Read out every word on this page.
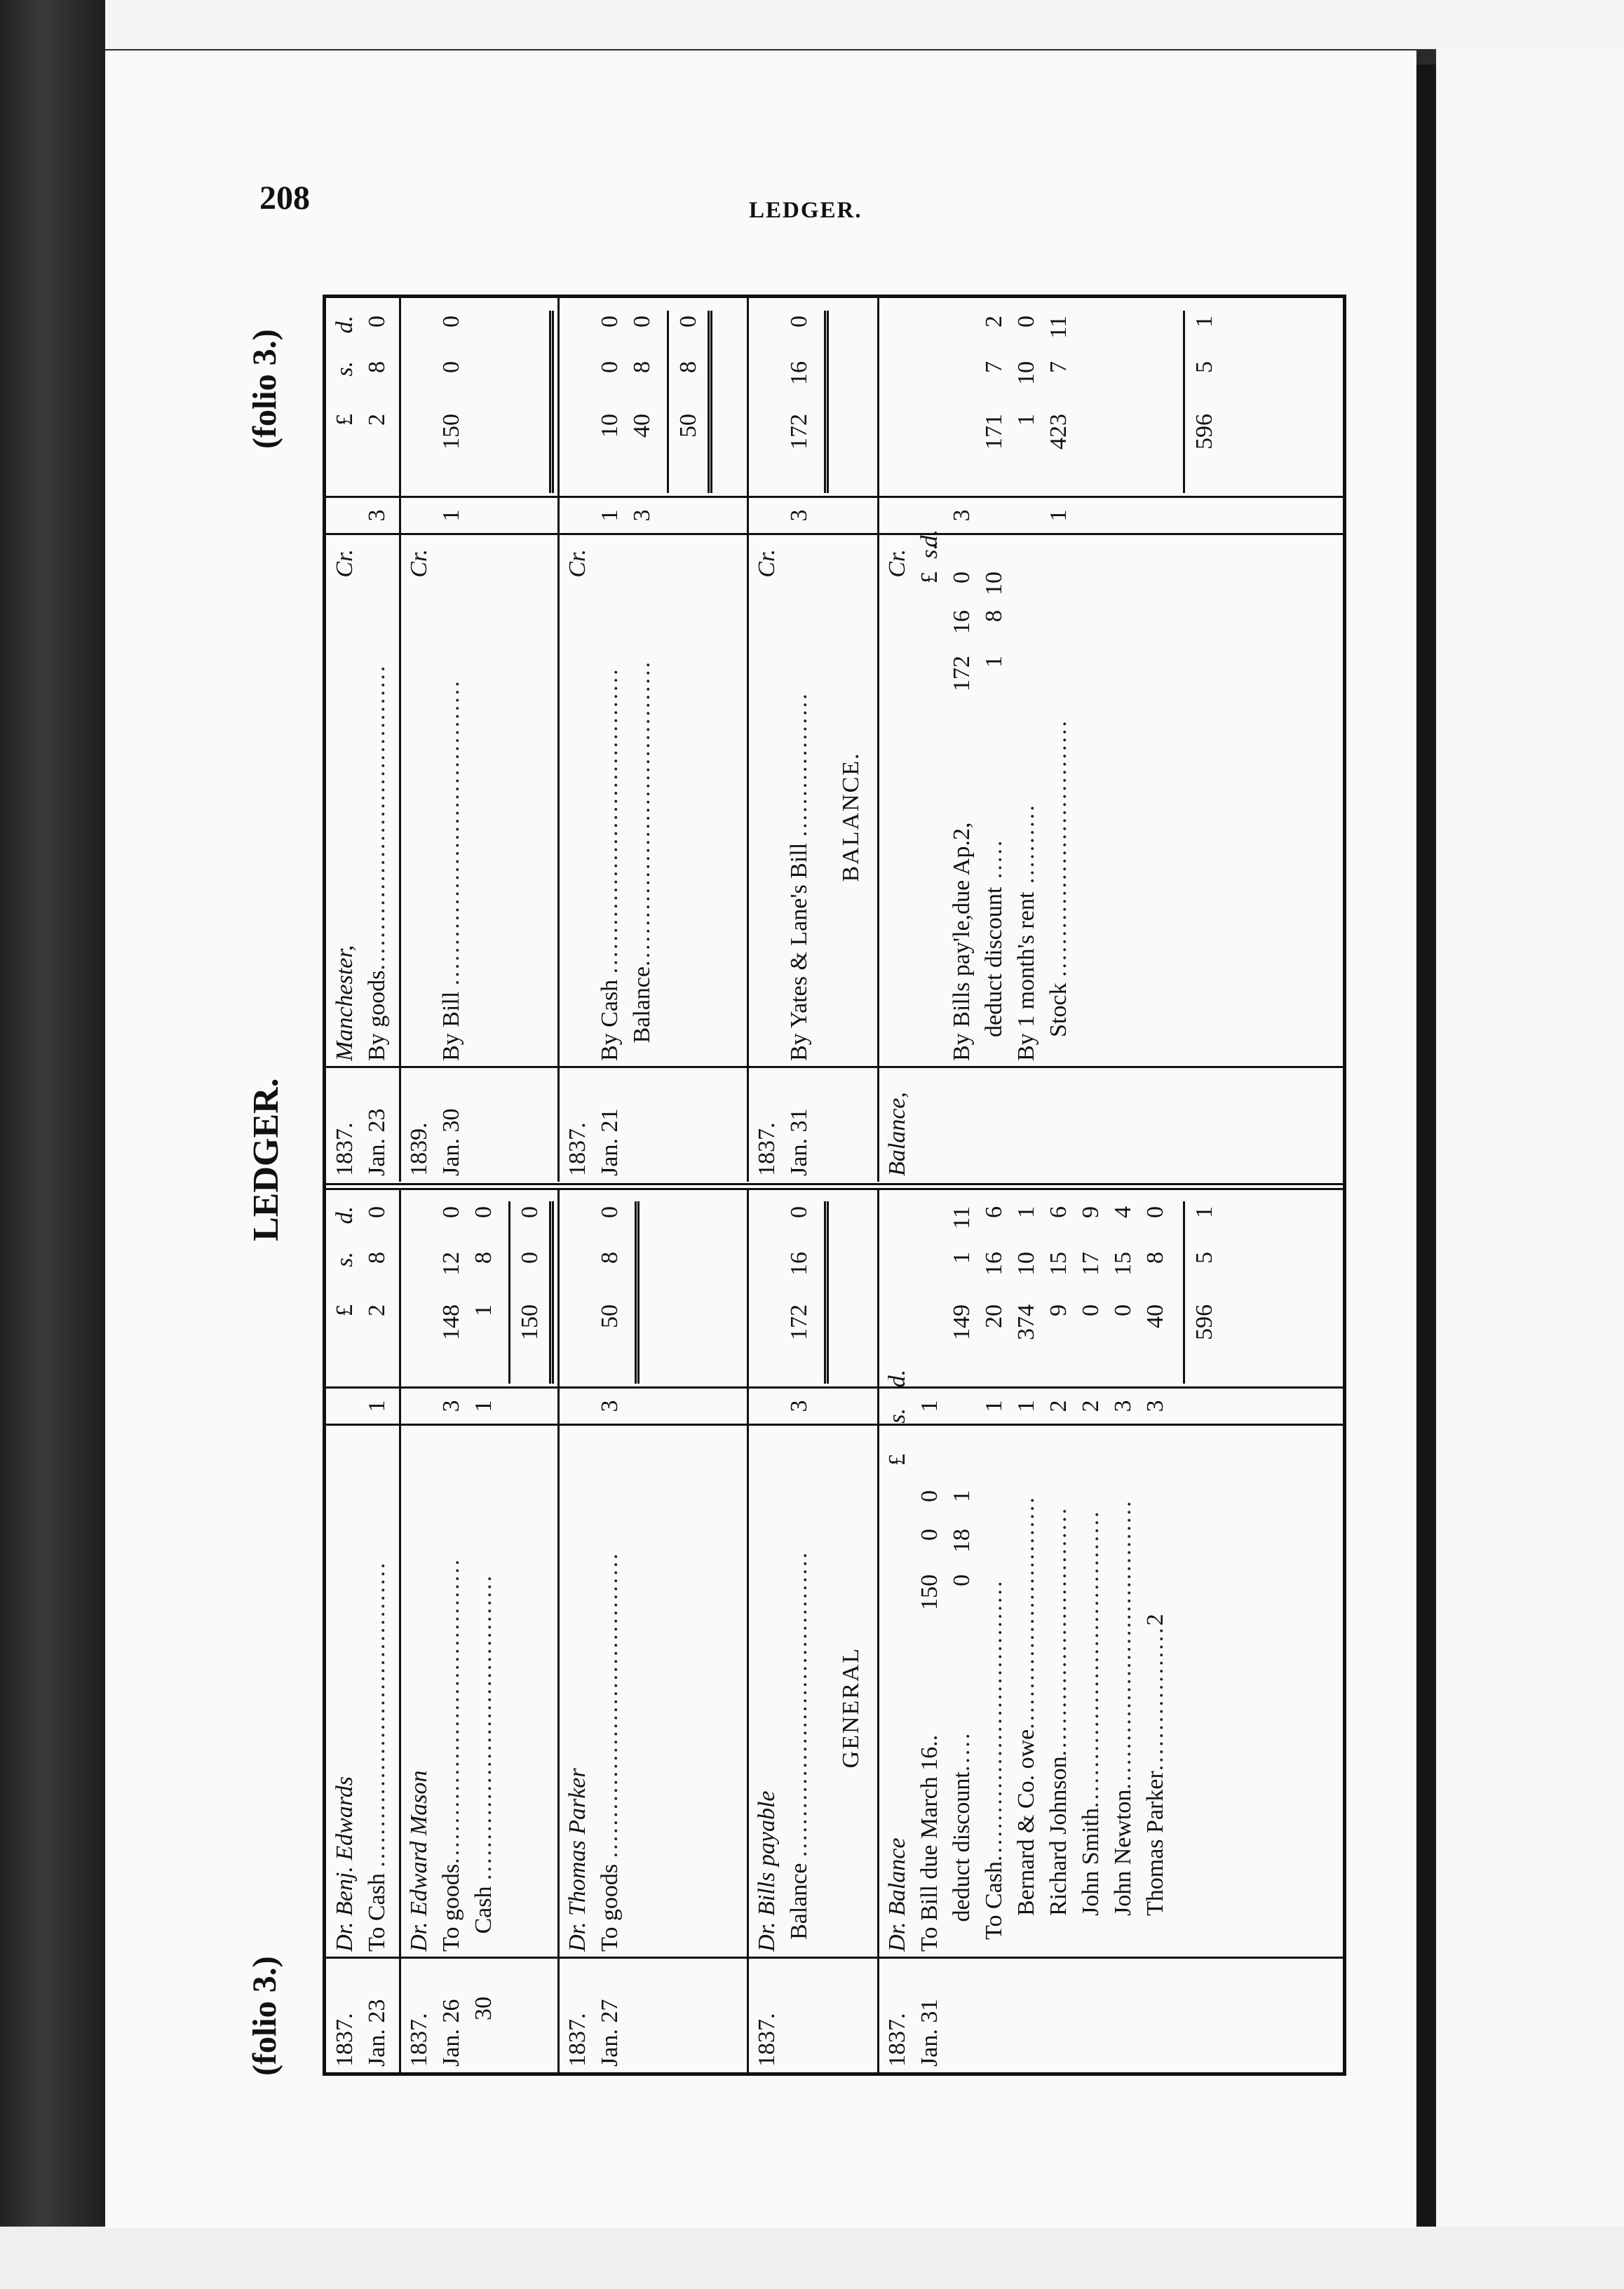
208	LEDGER.
(folio 3.)
LEDGER.
(folio 3.)
£
s.
d.
1837.
Dr. Benj. Edwards
Jan. 23
To Cash ......................................
1
2
8
0
1837.
Dr. Edward Mason
Jan. 26
To goods......................................
3
148
12
0
30
Cash ......................................
1
1
8
0
150
0
0
1837.
Dr. Thomas Parker
Jan. 27
To goods ......................................
3
50
8
0
1837.
Dr. Bills payable Balance ......................................
3
172
16
0
GENERAL
1837.
Dr. Balance
£
s.
d.
Jan. 31
To Bill due March 16..
150
0
0
1
deduct discount.....
0
18
1
149
1
11
To Cash...................................
1
20
16
6
Bernard & Co. owe.............................
1
374
10
1
Richard Johnson...............................
2
9
15
6
John Smith.....................................
2
0
17
9
John Newton....................................
3
0
15
4
Thomas Parker..................2
3
40
8
0
596
5
1
£
s.
d.
1837.
Manchester,
Cr.
Jan. 23
By goods......................................
3
2
8
0
1839.
Cr.
Jan. 30
By Bill ......................................
1
150
0
0
1837.
Cr.
Jan. 21
By Cash ......................................
1
10
0
0
Balance......................................
3
40
8
0
50
8
0
1837.
Cr.
Jan. 31
By Yates & Lane's Bill ..................
3
172
16
0
BALANCE.
Balance,
Cr. £
s.
d.
By Bills pay'le,due Ap.2,
172
16
0
3
deduct discount .....
1
8
10
171
7
2
By 1 month's rent ..........
1
10
0
Stock ................................
1
423
7
11
596
5
1
